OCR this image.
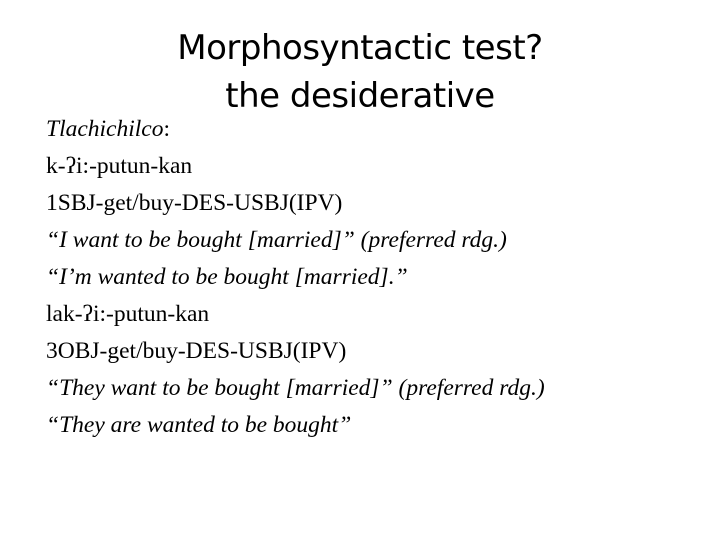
Morphosyntactic test?
the desiderative
Tlachichilco:
k-ʔi:-putun-kan
1SBJ-get/buy-DES-USBJ(IPV)
“I want to be bought [married]” (preferred rdg.)
“I’m wanted to be bought [married].”
lak-ʔi:-putun-kan
3OBJ-get/buy-DES-USBJ(IPV)
“They want to be bought [married]” (preferred rdg.)
“They are wanted to be bought”
